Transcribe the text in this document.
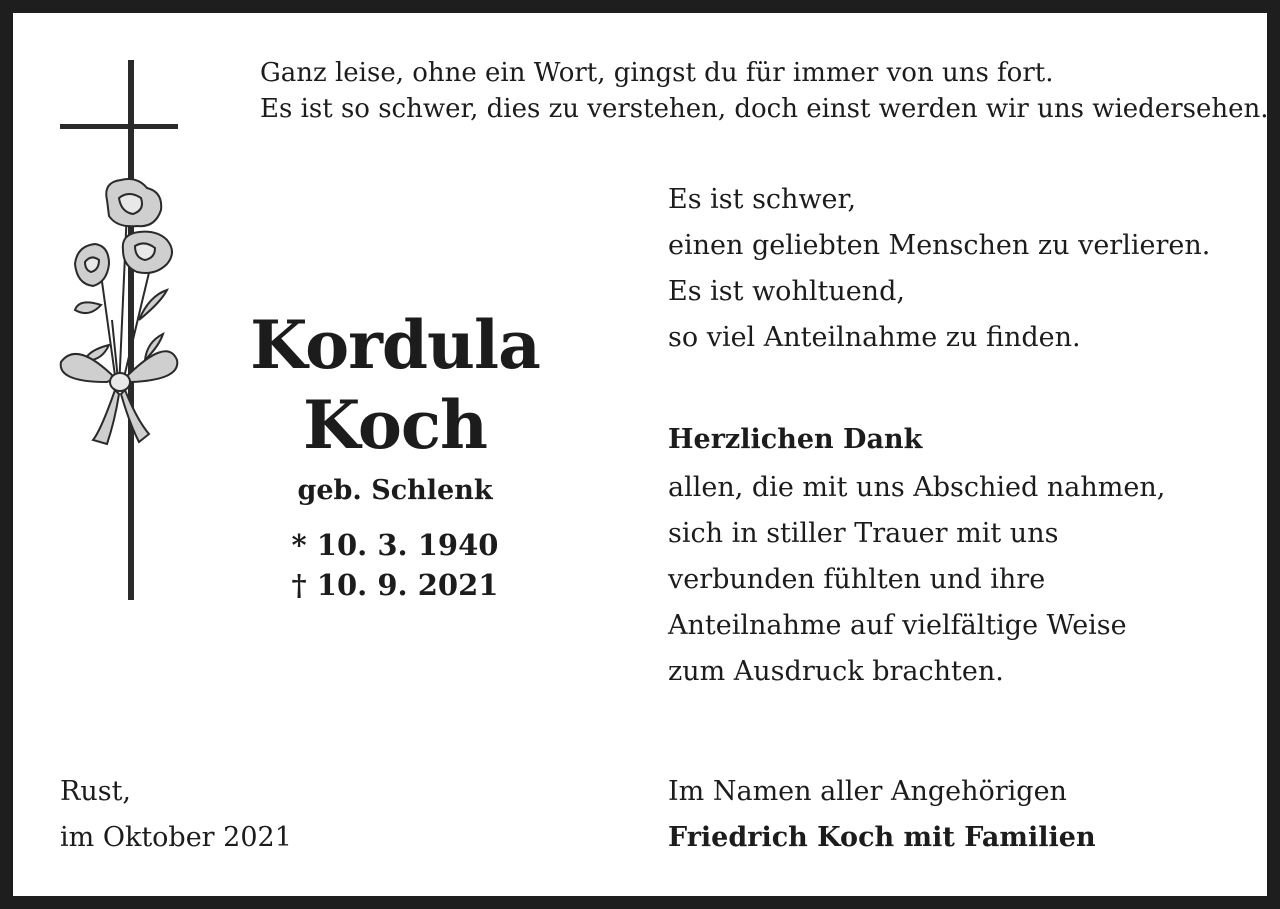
Ganz leise, ohne ein Wort, gingst du für immer von uns fort.
Es ist so schwer, dies zu verstehen, doch einst werden wir uns wiedersehen.
Kordula
Koch
geb. Schlenk
* 10. 3. 1940
† 10. 9. 2021
Es ist schwer,
einen geliebten Menschen zu verlieren.
Es ist wohltuend,
so viel Anteilnahme zu finden.
Herzlichen Dank
allen, die mit uns Abschied nahmen,
sich in stiller Trauer mit uns
verbunden fühlten und ihre
Anteilnahme auf vielfältige Weise
zum Ausdruck brachten.
Rust,
im Oktober 2021
Im Namen aller Angehörigen
Friedrich Koch mit Familien
